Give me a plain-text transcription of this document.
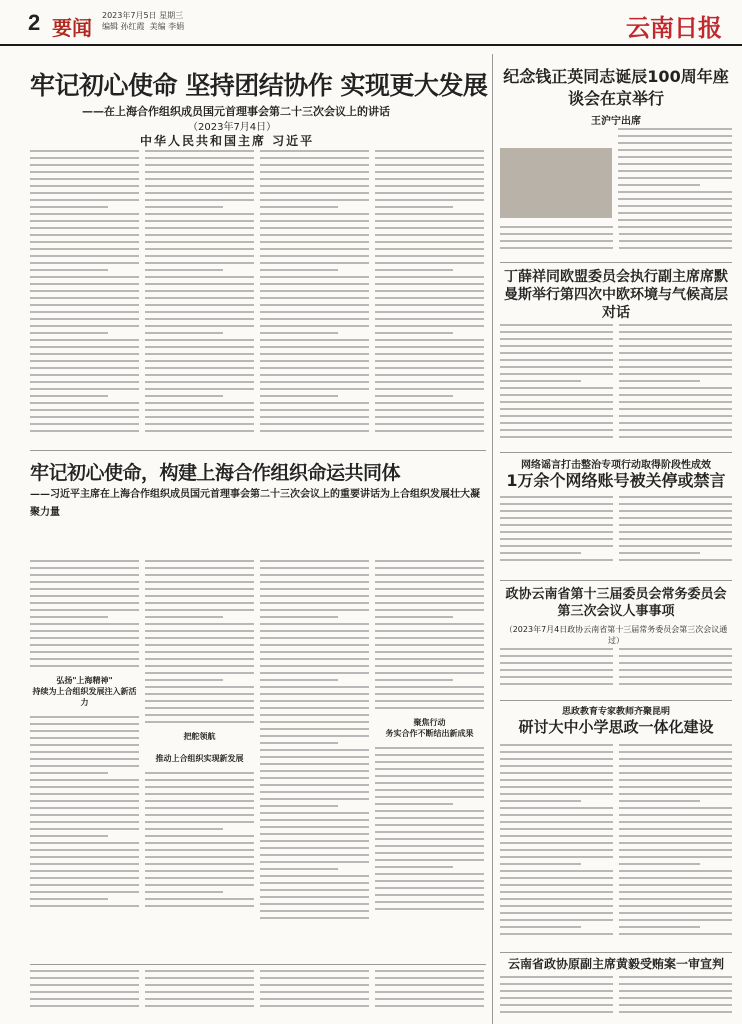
2 要闻
2023年7月5日 星期三
编辑 孙红霞  美编 李娟	云南日报
牢记初心使命 坚持团结协作 实现更大发展
——在上海合作组织成员国元首理事会第二十三次会议上的讲话
（2023年7月4日）
中华人民共和国主席 习近平
牢记初心使命，构建上海合作组织命运共同体
——习近平主席在上海合作组织成员国元首理事会第二十三次会议上的重要讲话为上合组织发展壮大凝聚力量
弘扬"上海精神"
持续为上合组织发展注入新活力
把舵领航
推动上合组织实现新发展
聚焦行动
务实合作不断结出新成果
纪念钱正英同志诞辰100周年座谈会在京举行
王沪宁出席
丁薛祥同欧盟委员会执行副主席席默曼斯举行第四次中欧环境与气候高层对话
网络谣言打击整治专项行动取得阶段性成效
1万余个网络账号被关停或禁言
政协云南省第十三届委员会常务委员会第三次会议人事事项
（2023年7月4日政协云南省第十三届常务委员会第三次会议通过）
思政教育专家教师齐聚昆明
研讨大中小学思政一体化建设
云南省政协原副主席黄毅受贿案一审宣判
